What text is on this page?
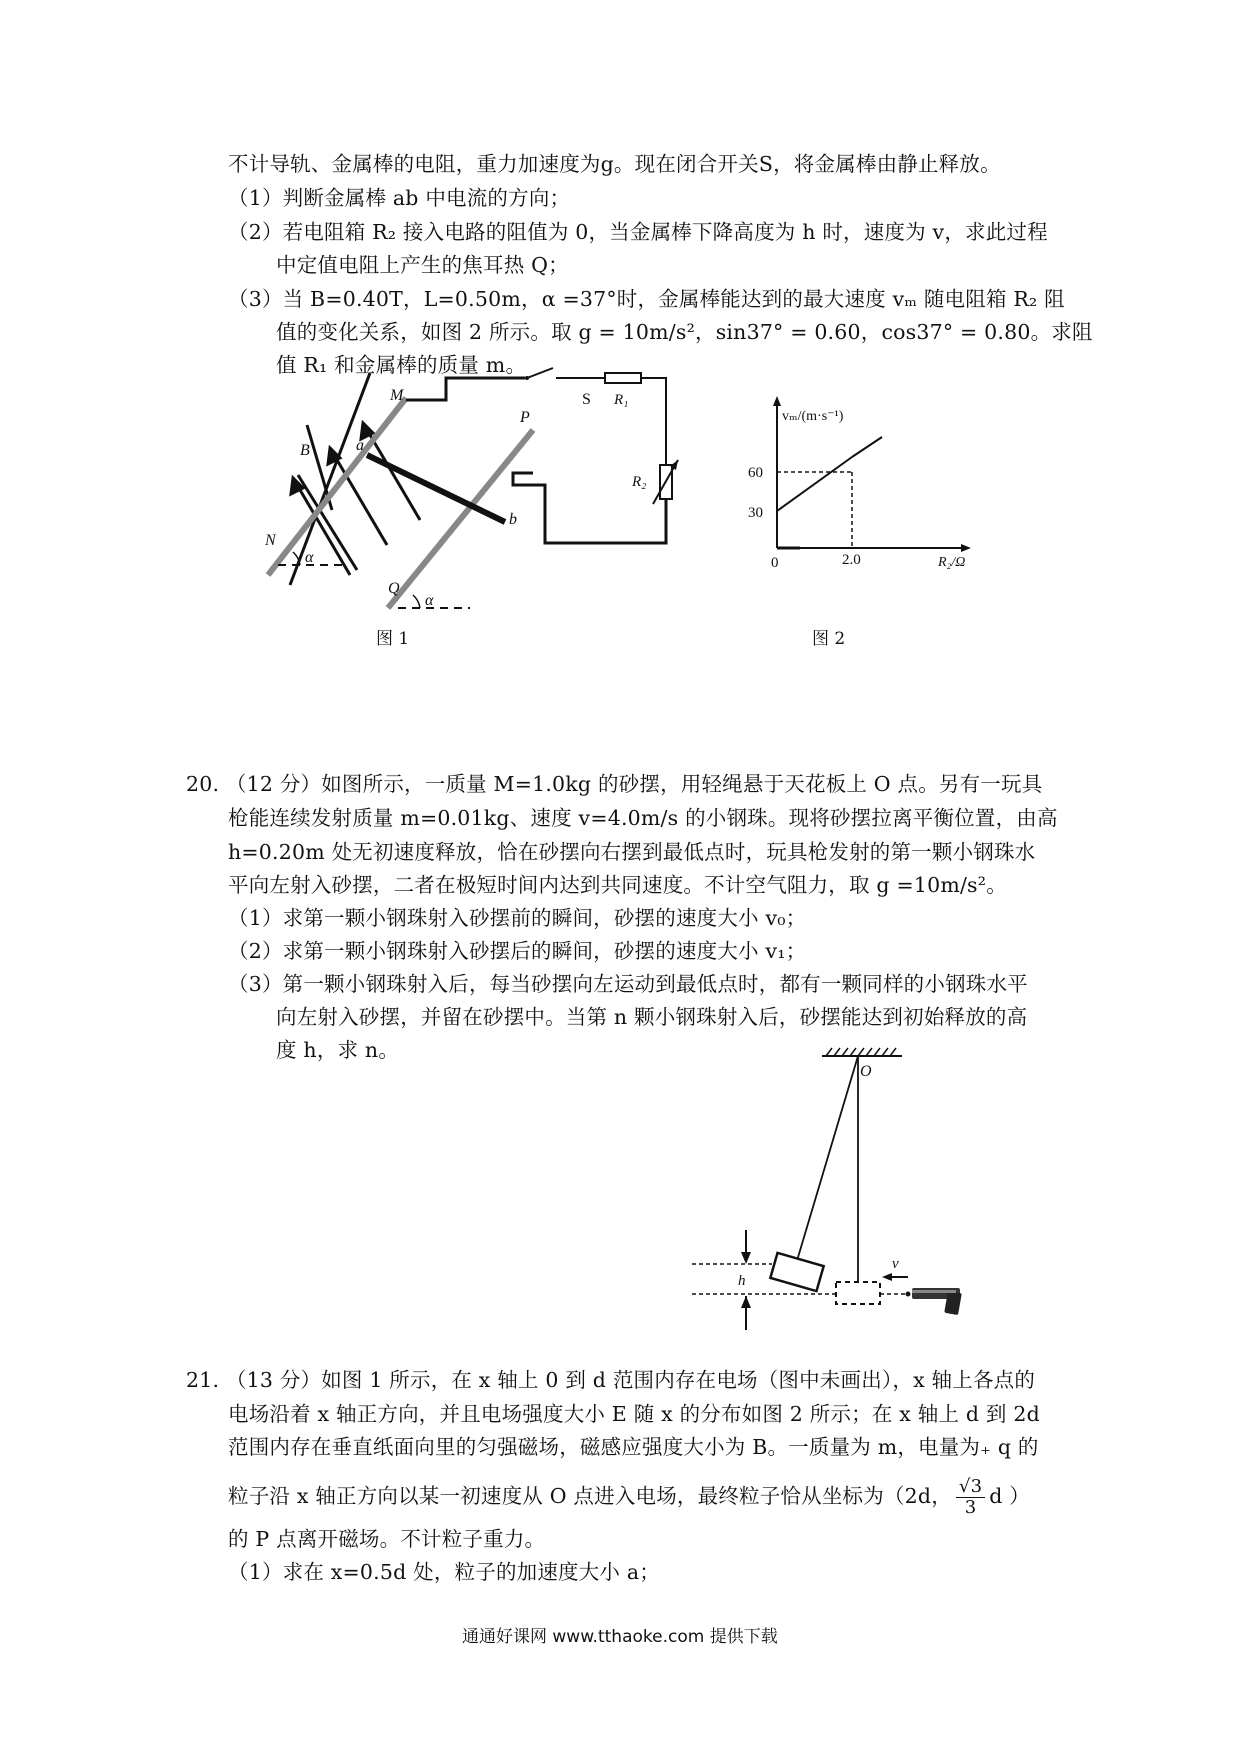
不计导轨、金属棒的电阻，重力加速度为g。现在闭合开关S，将金属棒由静止释放。
（1）判断金属棒 ab 中电流的方向；
（2）若电阻箱 R₂ 接入电路的阻值为 0，当金属棒下降高度为 h 时，速度为 v，求此过程
中定值电阻上产生的焦耳热 Q；
（3）当 B=0.40T，L=0.50m，α =37°时，金属棒能达到的最大速度 vₘ 随电阻箱 R₂ 阻
值的变化关系，如图 2 所示。取 g = 10m/s²，sin37° = 0.60，cos37° = 0.80。求阻
值 R₁ 和金属棒的质量 m。
B
M
a
N
α
P
b
Q
α
S R₁
R₂
图 1
vₘ/(m·s⁻¹)
60
30
0	2.0	R₂/Ω
图 2
20. （12 分）如图所示，一质量 M=1.0kg 的砂摆，用轻绳悬于天花板上 O 点。另有一玩具
枪能连续发射质量 m=0.01kg、速度 v=4.0m/s 的小钢珠。现将砂摆拉离平衡位置，由高
h=0.20m 处无初速度释放，恰在砂摆向右摆到最低点时，玩具枪发射的第一颗小钢珠水
平向左射入砂摆，二者在极短时间内达到共同速度。不计空气阻力，取 g =10m/s²。
（1）求第一颗小钢珠射入砂摆前的瞬间，砂摆的速度大小 v₀；
（2）求第一颗小钢珠射入砂摆后的瞬间，砂摆的速度大小 v₁；
（3）第一颗小钢珠射入后，每当砂摆向左运动到最低点时，都有一颗同样的小钢珠水平
向左射入砂摆，并留在砂摆中。当第 n 颗小钢珠射入后，砂摆能达到初始释放的高
度 h，求 n。
O
h
v
21. （13 分）如图 1 所示，在 x 轴上 0 到 d 范围内存在电场（图中未画出），x 轴上各点的
电场沿着 x 轴正方向，并且电场强度大小 E 随 x 的分布如图 2 所示；在 x 轴上 d 到 2d
范围内存在垂直纸面向里的匀强磁场，磁感应强度大小为 B。一质量为 m，电量为₊ q 的
粒子沿 x 轴正方向以某一初速度从 O 点进入电场，最终粒子恰从坐标为（2d， $\frac{√3}{3}$ d ）
的 P 点离开磁场。不计粒子重力。
（1）求在 x=0.5d 处，粒子的加速度大小 a；
通通好课网 www.tthaoke.com 提供下载
